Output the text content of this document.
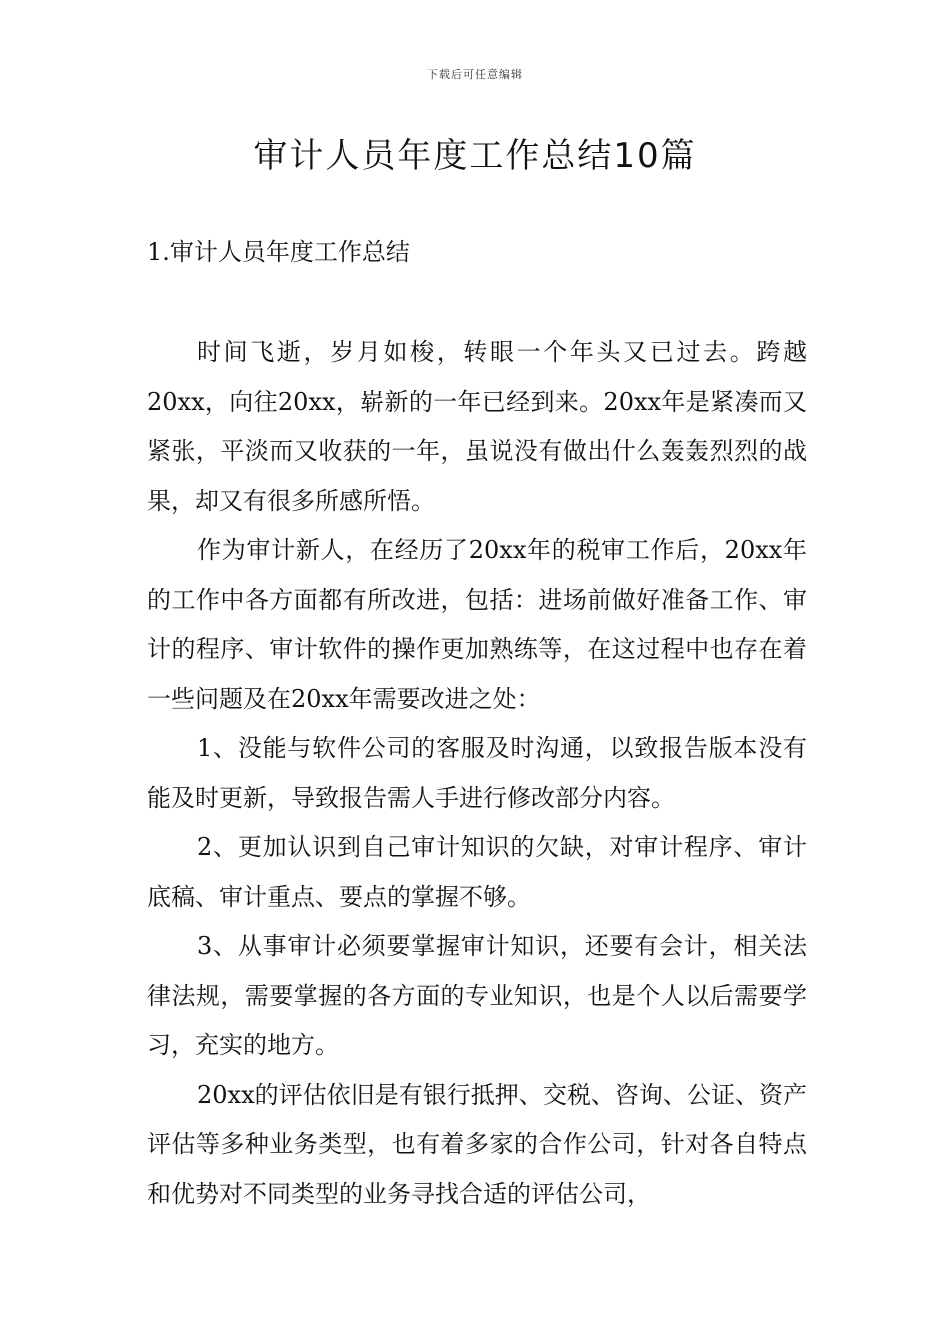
下载后可任意编辑
审计人员年度工作总结10篇
1.审计人员年度工作总结

时间飞逝，岁月如梭，转眼一个年头又已过去。跨越20xx，向往20xx，崭新的一年已经到来。20xx年是紧凑而又紧张，平淡而又收获的一年，虽说没有做出什么轰轰烈烈的战果，却又有很多所感所悟。

作为审计新人，在经历了20xx年的税审工作后，20xx年的工作中各方面都有所改进，包括：进场前做好准备工作、审计的程序、审计软件的操作更加熟练等，在这过程中也存在着一些问题及在20xx年需要改进之处：

1、没能与软件公司的客服及时沟通，以致报告版本没有能及时更新，导致报告需人手进行修改部分内容。

2、更加认识到自己审计知识的欠缺，对审计程序、审计底稿、审计重点、要点的掌握不够。

3、从事审计必须要掌握审计知识，还要有会计，相关法律法规，需要掌握的各方面的专业知识，也是个人以后需要学习，充实的地方。

20xx的评估依旧是有银行抵押、交税、咨询、公证、资产评估等多种业务类型，也有着多家的合作公司，针对各自特点和优势对不同类型的业务寻找合适的评估公司，
